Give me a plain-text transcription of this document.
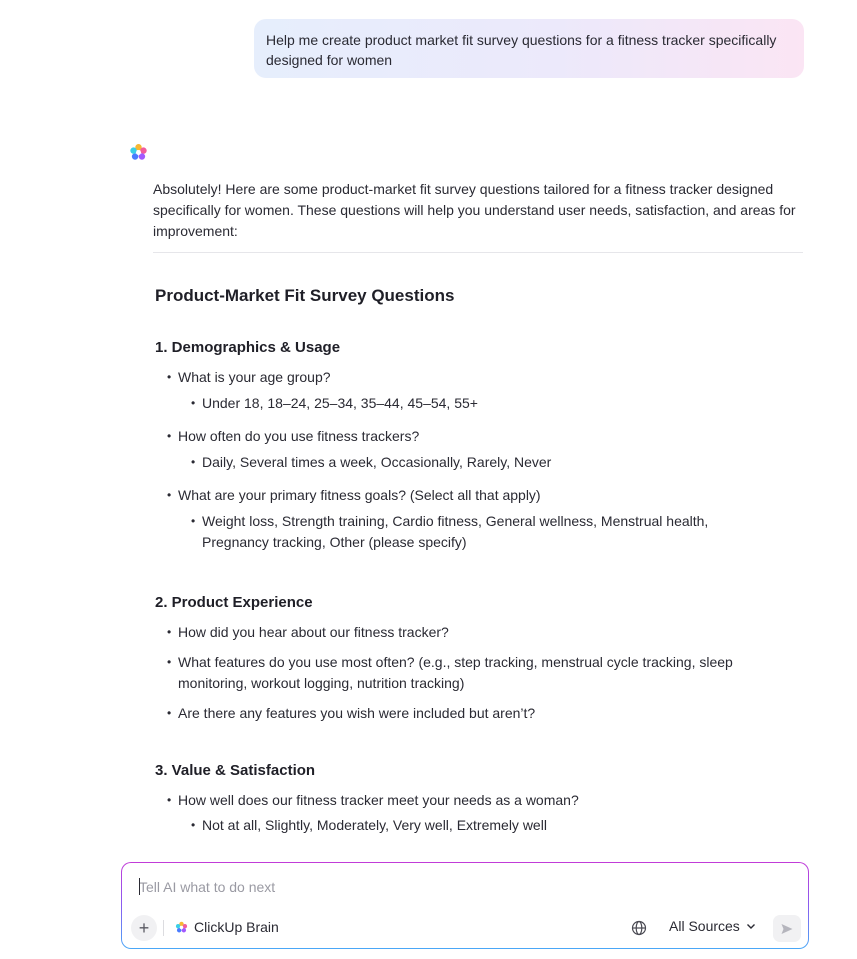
Help me create product market fit survey questions for a fitness tracker specifically designed for women

Absolutely! Here are some product-market fit survey questions tailored for a fitness tracker designed specifically for women. These questions will help you understand user needs, satisfaction, and areas for improvement:

Product-Market Fit Survey Questions
1. Demographics & Usage
• What is your age group?
• Under 18, 18–24, 25–34, 35–44, 45–54, 55+
• How often do you use fitness trackers?
• Daily, Several times a week, Occasionally, Rarely, Never
• What are your primary fitness goals? (Select all that apply)
• Weight loss, Strength training, Cardio fitness, General wellness, Menstrual health, Pregnancy tracking, Other (please specify)
2. Product Experience
• How did you hear about our fitness tracker?
• What features do you use most often? (e.g., step tracking, menstrual cycle tracking, sleep monitoring, workout logging, nutrition tracking)
• Are there any features you wish were included but aren’t?
3. Value & Satisfaction
• How well does our fitness tracker meet your needs as a woman?
• Not at all, Slightly, Moderately, Very well, Extremely well
Tell AI what to do next
+	ClickUp Brain	All Sources
